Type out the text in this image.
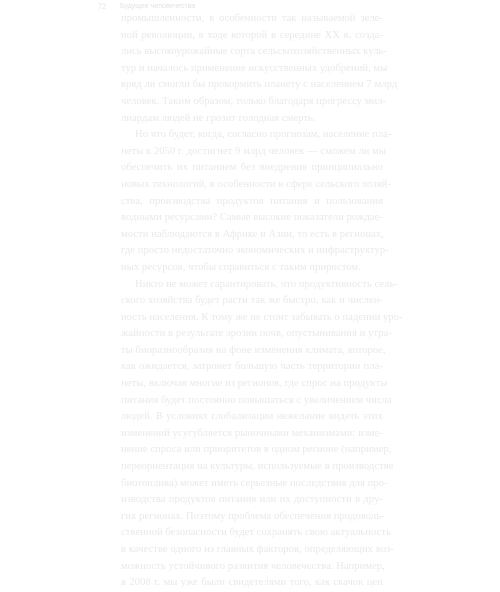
72 Будущее человечества
промышленности, в особенности так называемой зеле-
ной революции, в ходе которой в середине XX в. созда-
лись высокоурожайные сорта сельскохозяйственных куль-
тур и началось применение искусственных удобрений, мы
вряд ли смогли бы прокормить планету с населением 7 млрд
человек. Таким образом, только благодаря прогрессу мил-
лиардам людей не грозит голодная смерть.
Но что будет, когда, согласно прогнозам, население пла-
неты к 2050 г. достигнет 9 млрд человек — сможем ли мы
обеспечить их питанием без внедрения принципиально
новых технологий, в особенности в сфере сельского хозяй-
ства, производства продуктов питания и пользования
водными ресурсами? Самые высокие показатели рождае-
мости наблюдаются в Африке и Азии, то есть в регионах,
где просто недостаточно экономических и инфраструктур-
ных ресурсов, чтобы справиться с таким приростом.
Никто не может гарантировать, что продуктивность сель-
ского хозяйства будет расти так же быстро, как и числен-
ность населения. К тому же не стоит забывать о падении уро-
жайности в результате эрозии почв, опустынивания и утра-
ты биоразнообразия на фоне изменения климата, которое,
как ожидается, затронет большую часть территории пла-
неты, включая многие из регионов, где спрос на продукты
питания будет постоянно повышаться с увеличением числа
людей. В условиях глобализации нежелание видеть этих
изменений усугубляется рыночными механизмами: изме-
нение спроса или приоритетов в одном регионе (например,
переориентация на культуры, используемые в производстве
биотоплива) может иметь серьезные последствия для про-
изводства продуктов питания или их доступности в дру-
гих регионах. Поэтому проблема обеспечения продоволь-
ственной безопасности будет сохранять свою актуальность
в качестве одного из главных факторов, определяющих воз-
можность устойчивого развития человечества. Например,
в 2008 г. мы уже были свидетелями того, как скачок цен
